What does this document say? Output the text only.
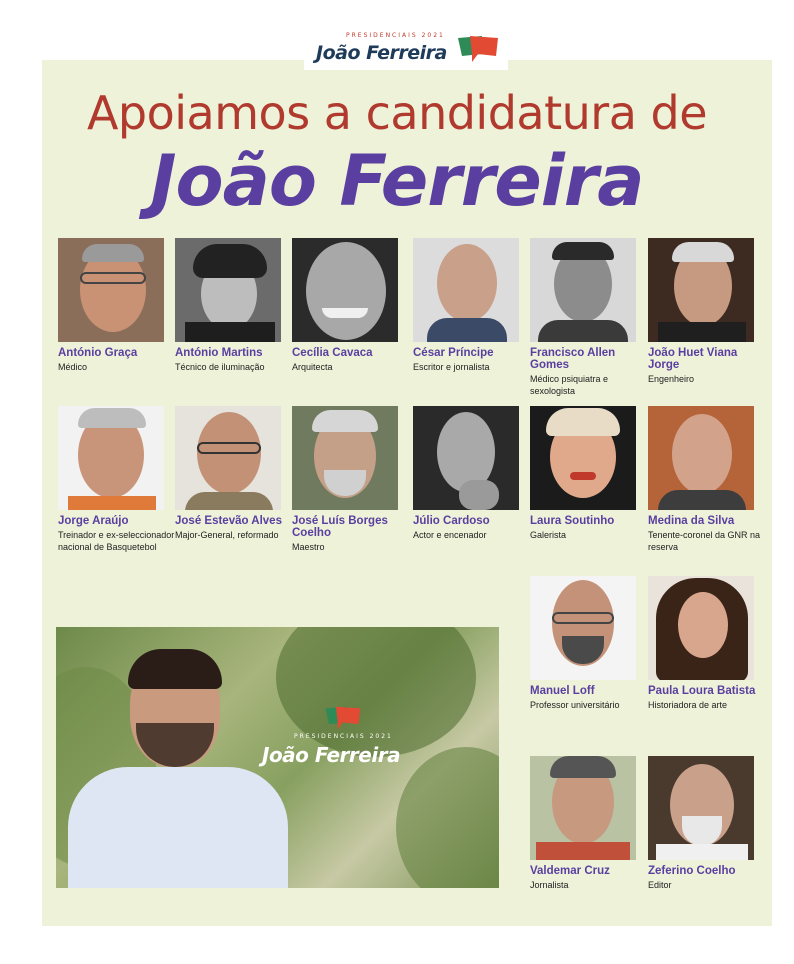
PRESIDENCIAIS 2021
João Ferreira
Apoiamos a candidatura de
João Ferreira
António Graça
Médico
António Martins
Técnico de iluminação
Cecília Cavaca
Arquitecta
César Príncipe
Escritor e jornalista
Francisco Allen Gomes
Médico psiquiatra e sexologista
João Huet Viana Jorge
Engenheiro
Jorge Araújo
Treinador e ex-seleccionador nacional de Basquetebol
José Estevão Alves
Major-General, reformado
José Luís Borges Coelho
Maestro
Júlio Cardoso
Actor e encenador
Laura Soutinho
Galerista
Medina da Silva
Tenente-coronel da GNR na reserva
Manuel Loff
Professor universitário
Paula Loura Batista
Historiadora de arte
Valdemar Cruz
Jornalista
Zeferino Coelho
Editor
PRESIDENCIAIS 2021
João Ferreira
